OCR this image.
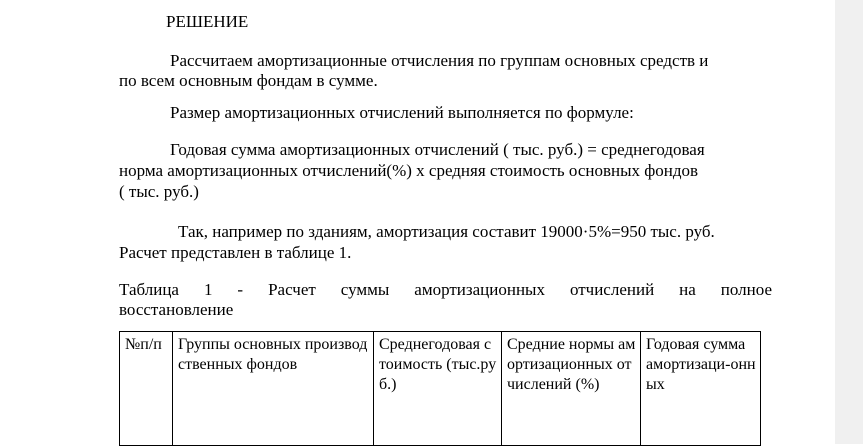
РЕШЕНИЕ
Рассчитаем амортизационные отчисления по группам основных средств и
по всем основным фондам в сумме.
Размер амортизационных отчислений выполняется по формуле:
Годовая сумма амортизационных отчислений ( тыс. руб.) = среднегодовая
норма амортизационных отчислений(%) х средняя стоимость основных фондов
( тыс. руб.)
Так, например по зданиям, амортизация составит 19000·5%=950 тыс. руб.
Расчет представлен в таблице 1.
Таблица 1 - Расчет суммы амортизационных отчислений на полное
восстановление
№п/п	Группы основных производственных фондов	Среднегодовая стоимость (тыс.руб.)	Средние нормы амортизационных отчислений (%)	Годовая сумма амортизаци-онных
